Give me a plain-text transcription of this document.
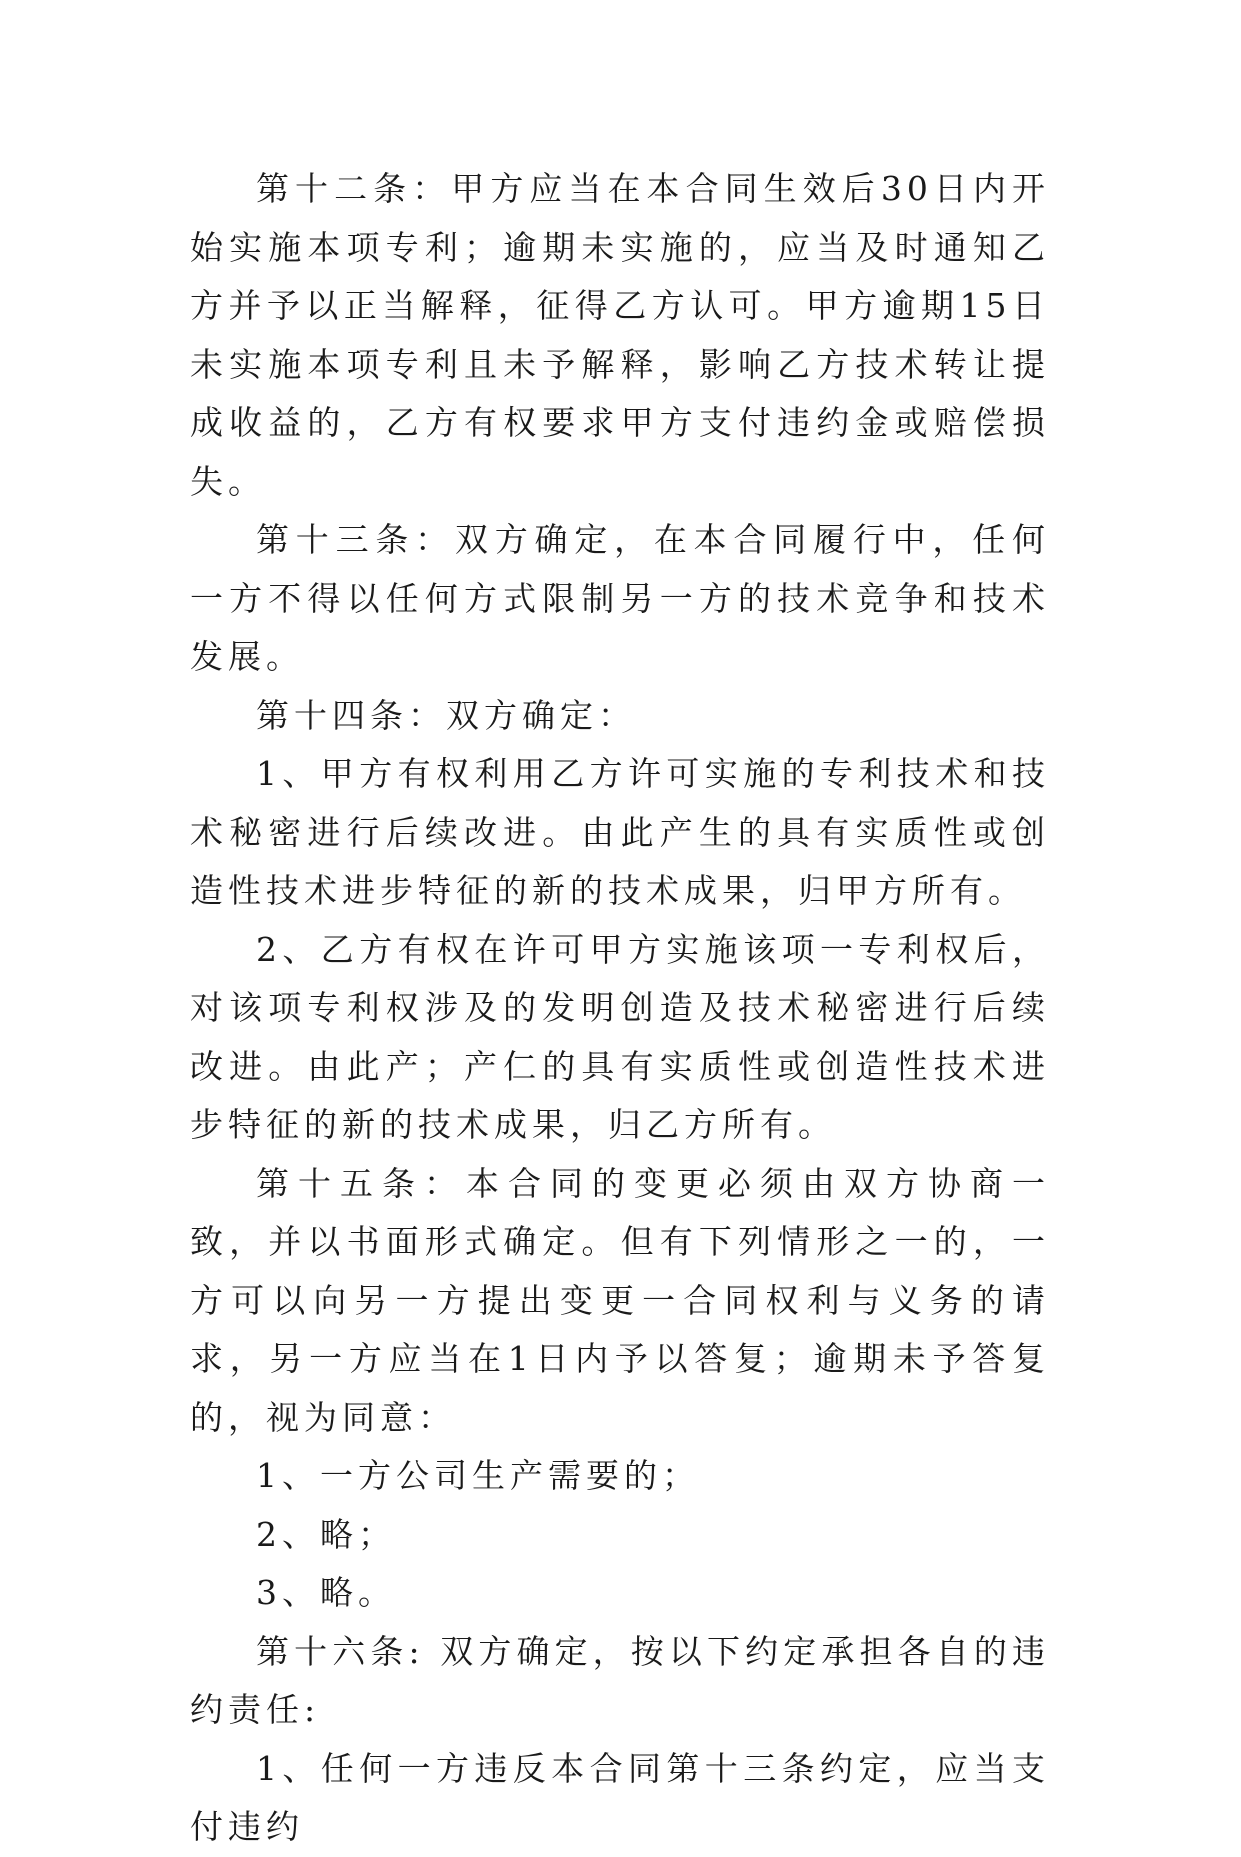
第十二条：甲方应当在本合同生效后30日内开始实施本项专利；逾期未实施的，应当及时通知乙方并予以正当解释，征得乙方认可。甲方逾期15日未实施本项专利且未予解释，影响乙方技术转让提成收益的，乙方有权要求甲方支付违约金或赔偿损失。

第十三条：双方确定，在本合同履行中，任何一方不得以任何方式限制另一方的技术竞争和技术发展。

第十四条：双方确定：

1、甲方有权利用乙方许可实施的专利技术和技术秘密进行后续改进。由此产生的具有实质性或创造性技术进步特征的新的技术成果，归甲方所有。

2、乙方有权在许可甲方实施该项一专利权后，对该项专利权涉及的发明创造及技术秘密进行后续改进。由此产；产仁的具有实质性或创造性技术进步特征的新的技术成果，归乙方所有。

第十五条：本合同的变更必须由双方协商一致，并以书面形式确定。但有下列情形之一的，一方可以向另一方提出变更一合同权利与义务的请求，另一方应当在1日内予以答复；逾期未予答复的，视为同意：

1、一方公司生产需要的；

2、略；

3、略。

第十六条: 双方确定，按以下约定承担各自的违约责任:

1、任何一方违反本合同第十三条约定，应当支付违约
